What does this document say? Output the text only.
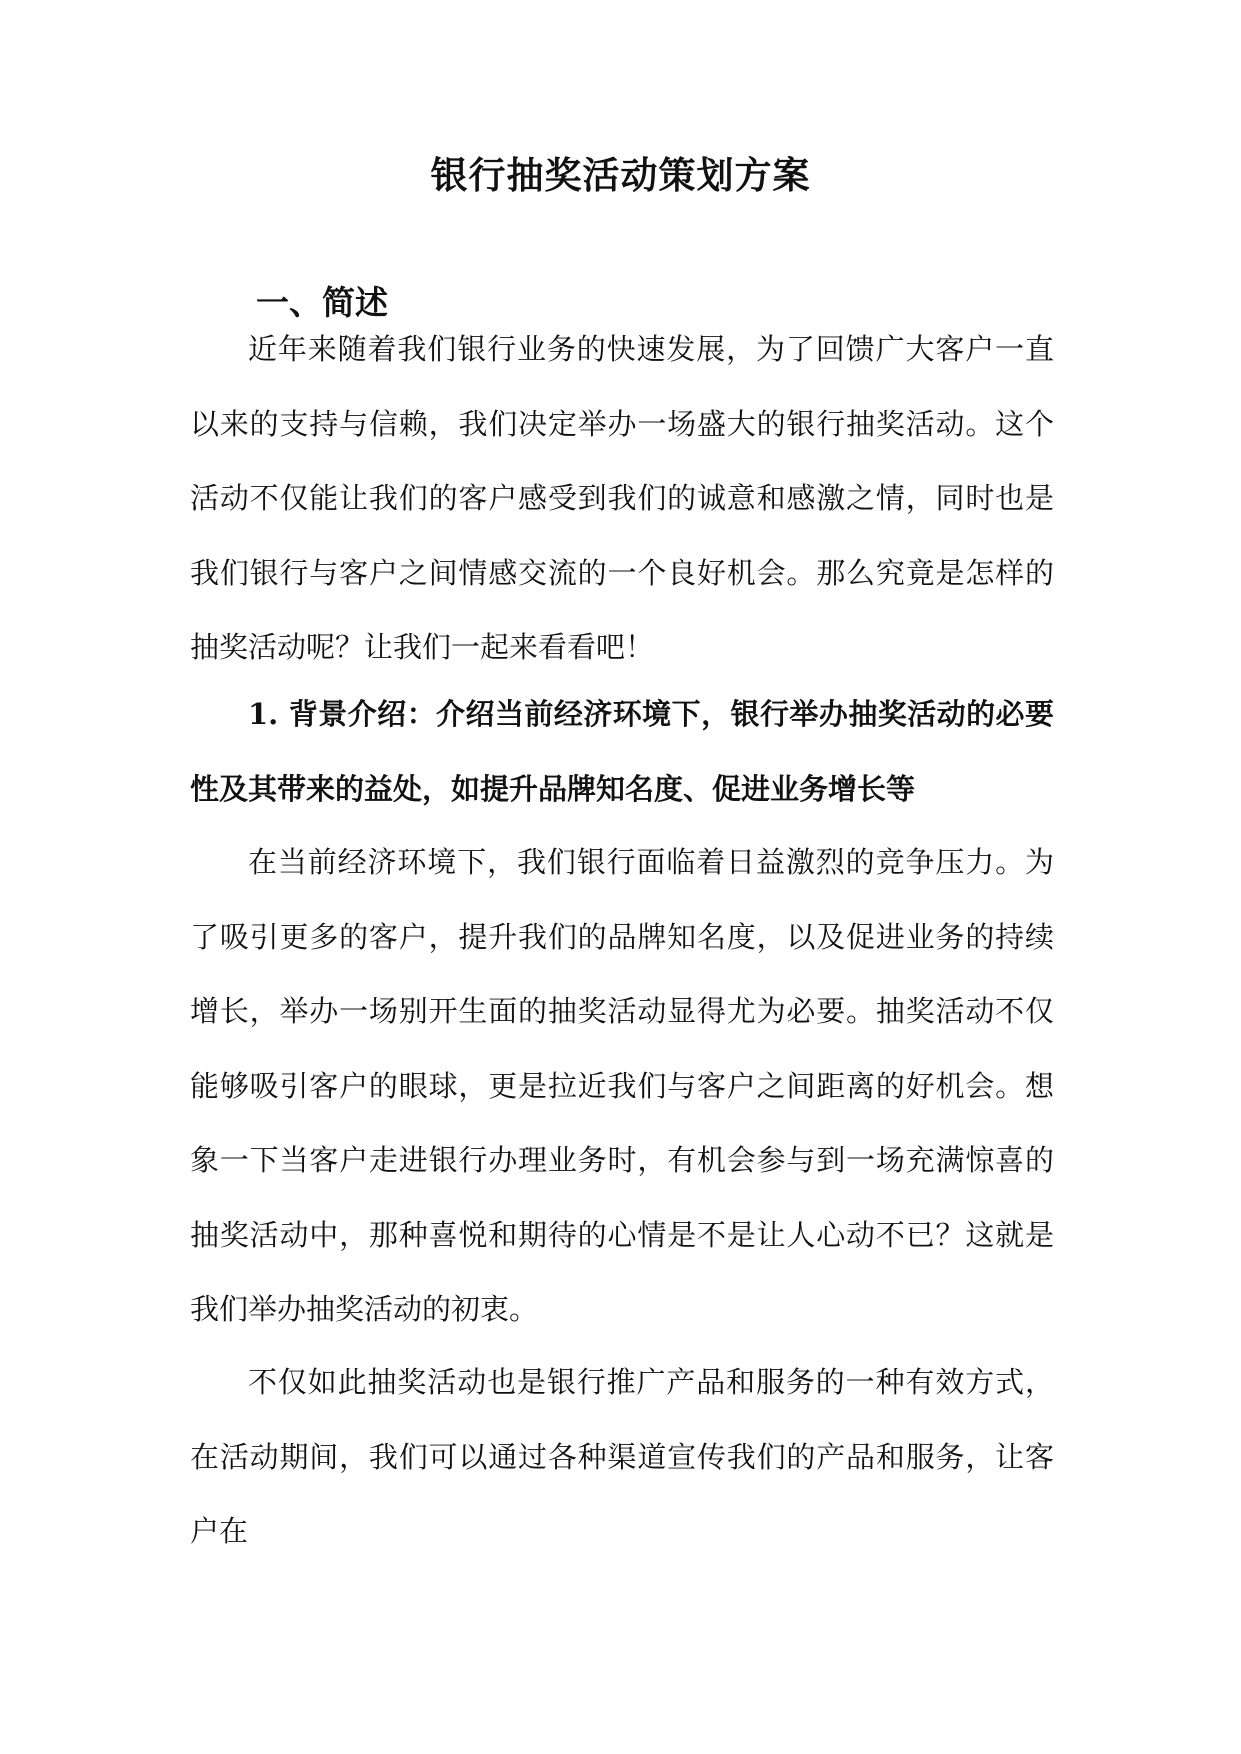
银行抽奖活动策划方案
一、简述
近年来随着我们银行业务的快速发展，为了回馈广大客户一直以来的支持与信赖，我们决定举办一场盛大的银行抽奖活动。这个活动不仅能让我们的客户感受到我们的诚意和感激之情，同时也是我们银行与客户之间情感交流的一个良好机会。那么究竟是怎样的抽奖活动呢？让我们一起来看看吧！
1. 背景介绍：介绍当前经济环境下，银行举办抽奖活动的必要性及其带来的益处，如提升品牌知名度、促进业务增长等
在当前经济环境下，我们银行面临着日益激烈的竞争压力。为了吸引更多的客户，提升我们的品牌知名度，以及促进业务的持续增长，举办一场别开生面的抽奖活动显得尤为必要。抽奖活动不仅能够吸引客户的眼球，更是拉近我们与客户之间距离的好机会。想象一下当客户走进银行办理业务时，有机会参与到一场充满惊喜的抽奖活动中，那种喜悦和期待的心情是不是让人心动不已？这就是我们举办抽奖活动的初衷。
不仅如此抽奖活动也是银行推广产品和服务的一种有效方式，在活动期间，我们可以通过各种渠道宣传我们的产品和服务，让客户在
